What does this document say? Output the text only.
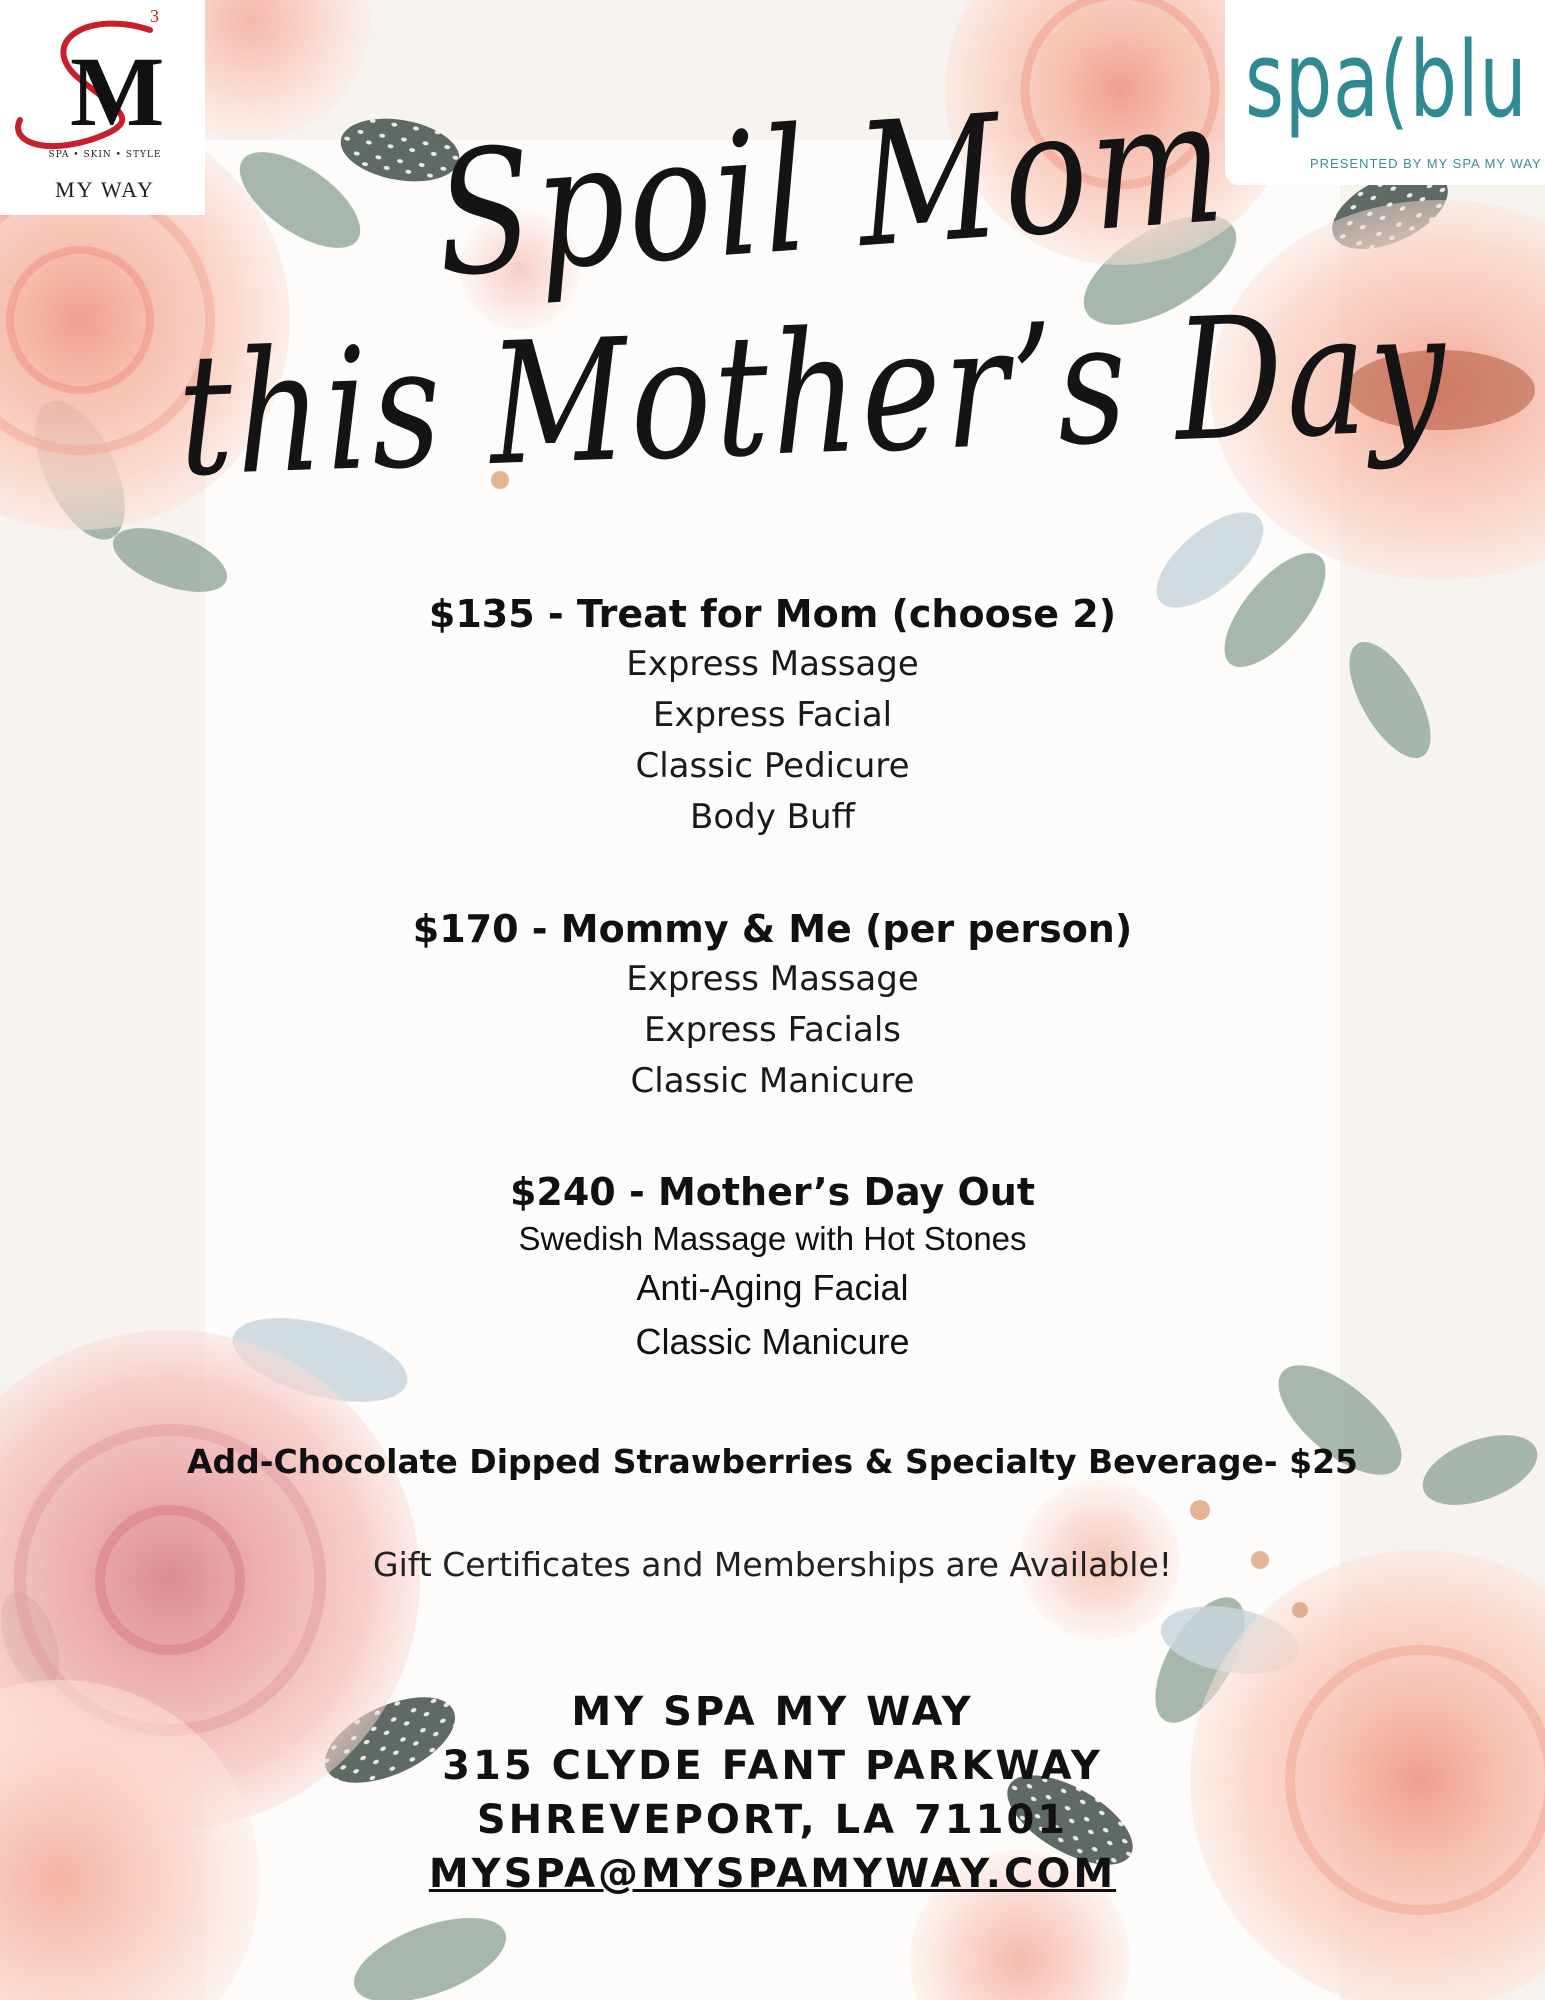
M
3
SPA • SKIN • STYLE
MY WAY
spa(blu
PRESENTED BY MY SPA MY WAY
Spoil Mom
this Mother’s Day
$135 - Treat for Mom (choose 2)
Express Massage
Express Facial
Classic Pedicure
Body Buff
$170 - Mommy & Me (per person)
Express Massage
Express Facials
Classic Manicure
$240 - Mother’s Day Out
Swedish Massage with Hot Stones
Anti-Aging Facial
Classic Manicure
Add-Chocolate Dipped Strawberries & Specialty Beverage- $25
Gift Certificates and Memberships are Available!
MY SPA MY WAY
315 CLYDE FANT PARKWAY
SHREVEPORT, LA 71101
MYSPA@MYSPAMYWAY.COM
